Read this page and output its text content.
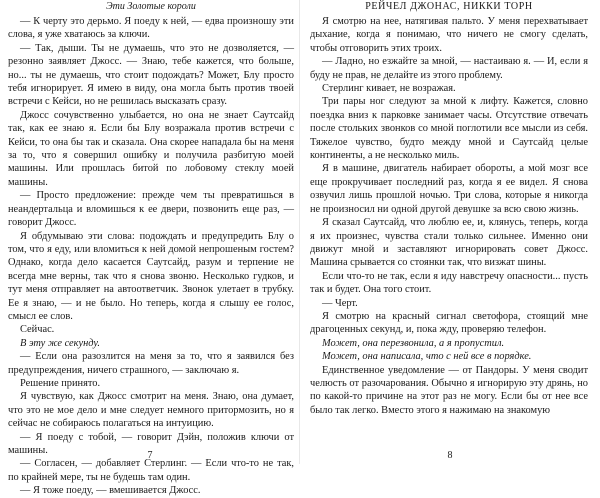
Эти Золотые короли

— К черту это дерьмо. Я поеду к ней, — едва произношу эти слова, я уже хватаюсь за ключи.

— Так, дыши. Ты не думаешь, что это не дозволяется, — резонно заявляет Джосс. — Знаю, тебе кажется, что больше, но... ты не думаешь, что стоит подождать? Может, Блу просто тебя игнорирует. Я имею в виду, она могла быть против твоей встречи с Кейси, но не решилась высказать сразу.

Джосс сочувственно улыбается, но она не знает Саутсайд так, как ее знаю я. Если бы Блу возражала против встречи с Кейси, то она бы так и сказала. Она скорее нападала бы на меня за то, что я совершил ошибку и получила разбитую моей машины. Или прошлась битой по лобовому стеклу моей машины.

— Просто предложение: прежде чем ты превратишься в неандертальца и вломишься к ее двери, позвонить еще раз, — говорит Джосс.

Я обдумываю эти слова: подождать и предупредить Блу о том, что я еду, или вломиться к ней домой непрошеным гостем? Однако, когда дело касается Саутсайд, разум и терпение не всегда мне верны, так что я снова звоню. Несколько гудков, и тут меня отправляет на автоответчик. Звонок улетает в трубку. Ее я знаю, — и не было. Но теперь, когда я слышу ее голос, смысл ее слов.

Сейчас.

В эту же секунду.

— Если она разозлится на меня за то, что я заявился без предупреждения, ничего страшного, — заключаю я.

Решение принято.

Я чувствую, как Джосс смотрит на меня. Знаю, она думает, что это не мое дело и мне следует немного притормозить, но я сейчас не собираюсь полагаться на интуицию.

— Я поеду с тобой, — говорит Дэйн, положив ключи от машины.

— Согласен, — добавляет Стерлинг. — Если что-то не так, по крайней мере, ты не будешь там один.

— Я тоже поеду, — вмешивается Джосс.

7
РЕЙЧЕЛ ДЖОНАС, НИККИ ТОРН

Я смотрю на нее, натягивая пальто. У меня перехватывает дыхание, когда я понимаю, что ничего не смогу сделать, чтобы отговорить этих троих.

— Ладно, но езжайте за мной, — настаиваю я. — И, если я буду не прав, не делайте из этого проблему.

Стерлинг кивает, не возражая.

Три пары ног следуют за мной к лифту. Кажется, словно поездка вниз к парковке занимает часы. Отсутствие отвечать после стольких звонков со мной поглотили все мысли из себя. Тяжелое чувство, будто между мной и Саутсайд целые континенты, а не несколько миль.

Я в машине, двигатель набирает обороты, а мой мозг все еще прокручивает последний раз, когда я ее видел. Я снова озвучил лишь прошлой ночью. Три слова, которые я никогда не произносил ни одной другой девушке за всю свою жизнь.

Я сказал Саутсайд, что люблю ее, и, клянусь, теперь, когда я их произнес, чувства стали только сильнее. Именно они движут мной и заставляют игнорировать совет Джосс. Машина срывается со стоянки так, что визжат шины.

Если что-то не так, если я иду навстречу опасности... пусть так и будет. Она того стоит.

— Черт.

Я смотрю на красный сигнал светофора, стоящий мне драгоценных секунд, и, пока жду, проверяю телефон.

Может, она перезвонила, а я пропустил.

Может, она написала, что с ней все в порядке.

Единственное уведомление — от Пандоры. У меня сводит челюсть от разочарования. Обычно я игнорирую эту дрянь, но по какой-то причине на этот раз не могу. Если бы от нее все было так легко. Вместо этого я нажимаю на знакомую

8
